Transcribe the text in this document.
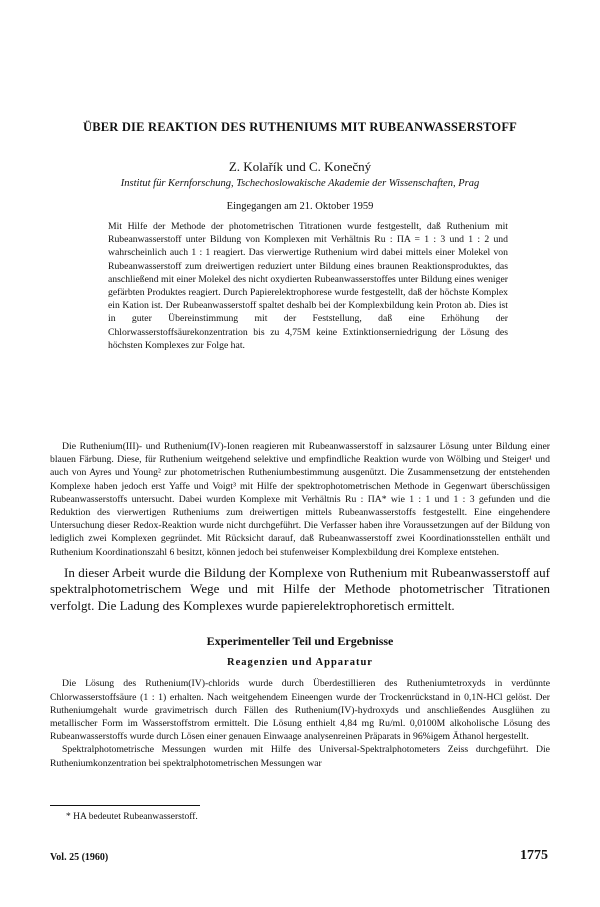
ÜBER DIE REAKTION DES RUTHENIUMS MIT RUBEANWASSERSTOFF
Z. Kolařík und C. Konečný
Institut für Kernforschung, Tschechoslowakische Akademie der Wissenschaften, Prag
Eingegangen am 21. Oktober 1959

Mit Hilfe der Methode der photometrischen Titrationen wurde festgestellt, daß Ruthenium mit Rubeanwasserstoff unter Bildung von Komplexen mit Verhältnis Ru : ΠA = 1 : 3 und 1 : 2 und wahrscheinlich auch 1 : 1 reagiert. Das vierwertige Ruthenium wird dabei mittels einer Molekel von Rubeanwasserstoff zum dreiwertigen reduziert unter Bildung eines braunen Reaktionsproduktes, das anschließend mit einer Molekel des nicht oxydierten Rubeanwasserstoffes unter Bildung eines weniger gefärbten Produktes reagiert. Durch Papierelektrophorese wurde festgestellt, daß der höchste Komplex ein Kation ist. Der Rubeanwasserstoff spaltet deshalb bei der Komplexbildung kein Proton ab. Dies ist in guter Übereinstimmung mit der Feststellung, daß eine Erhöhung der Chlorwasserstoffsäurekonzentration bis zu 4,75M keine Extinktionserniedrigung der Lösung des höchsten Komplexes zur Folge hat.

Die Ruthenium(III)- und Ruthenium(IV)-Ionen reagieren mit Rubeanwasserstoff in salzsaurer Lösung unter Bildung einer blauen Färbung. Diese, für Ruthenium weitgehend selektive und empfindliche Reaktion wurde von Wölbing und Steiger¹ und auch von Ayres und Young² zur photometrischen Rutheniumbestimmung ausgenützt. Die Zusammensetzung der entstehenden Komplexe haben jedoch erst Yaffe und Voigt³ mit Hilfe der spektrophotometrischen Methode in Gegenwart überschüssigen Rubeanwasserstoffs untersucht. Dabei wurden Komplexe mit Verhältnis Ru : ΠA* wie 1 : 1 und 1 : 3 gefunden und die Reduktion des vierwertigen Rutheniums zum dreiwertigen mittels Rubeanwasserstoffs festgestellt. Eine eingehendere Untersuchung dieser Redox-Reaktion wurde nicht durchgeführt. Die Verfasser haben ihre Voraussetzungen auf der Bildung von lediglich zwei Komplexen gegründet. Mit Rücksicht darauf, daß Rubeanwasserstoff zwei Koordinationsstellen enthält und Ruthenium Koordinationszahl 6 besitzt, können jedoch bei stufenweiser Komplexbildung drei Komplexe entstehen.

In dieser Arbeit wurde die Bildung der Komplexe von Ruthenium mit Rubeanwasserstoff auf spektralphotometrischem Wege und mit Hilfe der Methode photometrischer Titrationen verfolgt. Die Ladung des Komplexes wurde papierelektrophoretisch ermittelt.

Experimenteller Teil und Ergebnisse
Reagenzien und Apparatur

Die Lösung des Ruthenium(IV)-chlorids wurde durch Überdestillieren des Rutheniumtetroxyds in verdünnte Chlorwasserstoffsäure (1 : 1) erhalten. Nach weitgehendem Eineengen wurde der Trockenrückstand in 0,1N-HCl gelöst. Der Rutheniumgehalt wurde gravimetrisch durch Fällen des Ruthenium(IV)-hydroxyds und anschließendes Ausglühen zu metallischer Form im Wasserstoffstrom ermittelt. Die Lösung enthielt 4,84 mg Ru/ml. 0,0100M alkoholische Lösung des Rubeanwasserstoffs wurde durch Lösen einer genauen Einwaage analysenreinen Präparats in 96%igem Äthanol hergestellt.

Spektralphotometrische Messungen wurden mit Hilfe des Universal-Spektralphotometers Zeiss durchgeführt. Die Rutheniumkonzentration bei spektralphotometrischen Messungen war

* HA bedeutet Rubeanwasserstoff.
Vol. 25 (1960)	1775
